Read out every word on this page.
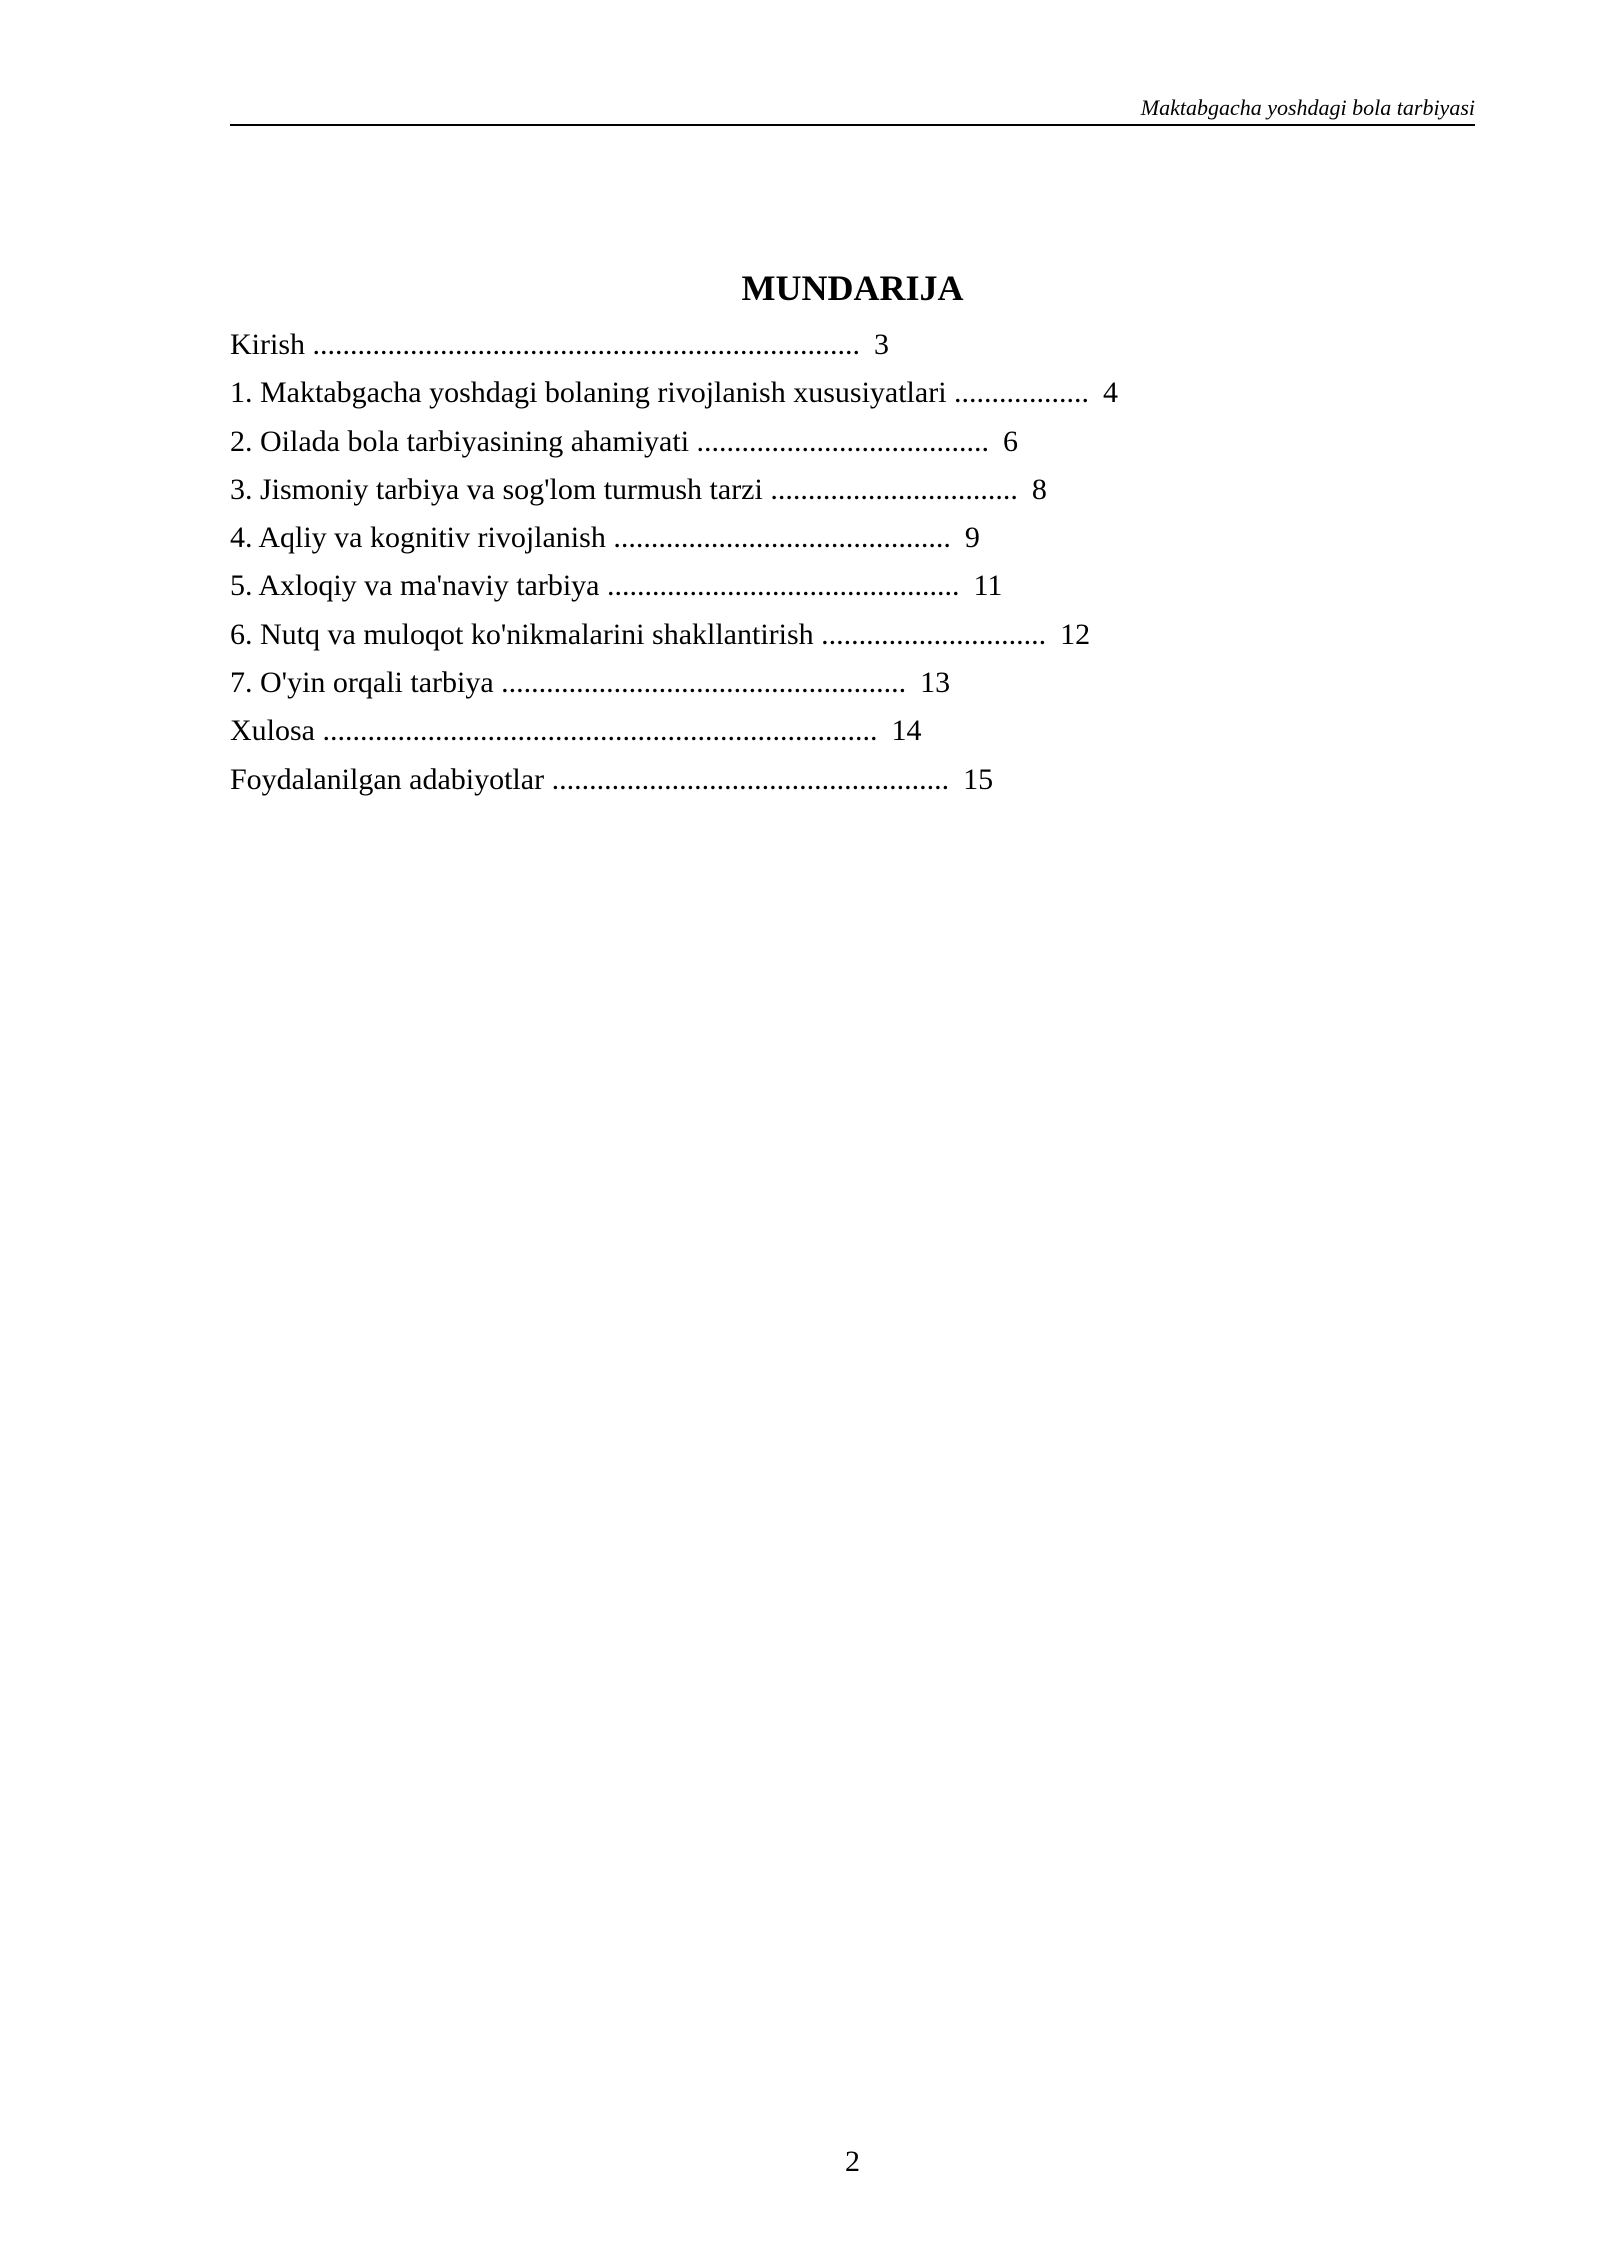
Maktabgacha yoshdagi bola tarbiyasi
MUNDARIJA
Kirish ......................................................................... 3
1. Maktabgacha yoshdagi bolaning rivojlanish xususiyatlari .................. 4
2. Oilada bola tarbiyasining ahamiyati ....................................... 6
3. Jismoniy tarbiya va sog'lom turmush tarzi ................................. 8
4. Aqliy va kognitiv rivojlanish ............................................. 9
5. Axloqiy va ma'naviy tarbiya ............................................... 11
6. Nutq va muloqot ko'nikmalarini shakllantirish .............................. 12
7. O'yin orqali tarbiya ...................................................... 13
Xulosa .......................................................................... 14
Foydalanilgan adabiyotlar ..................................................... 15
2
